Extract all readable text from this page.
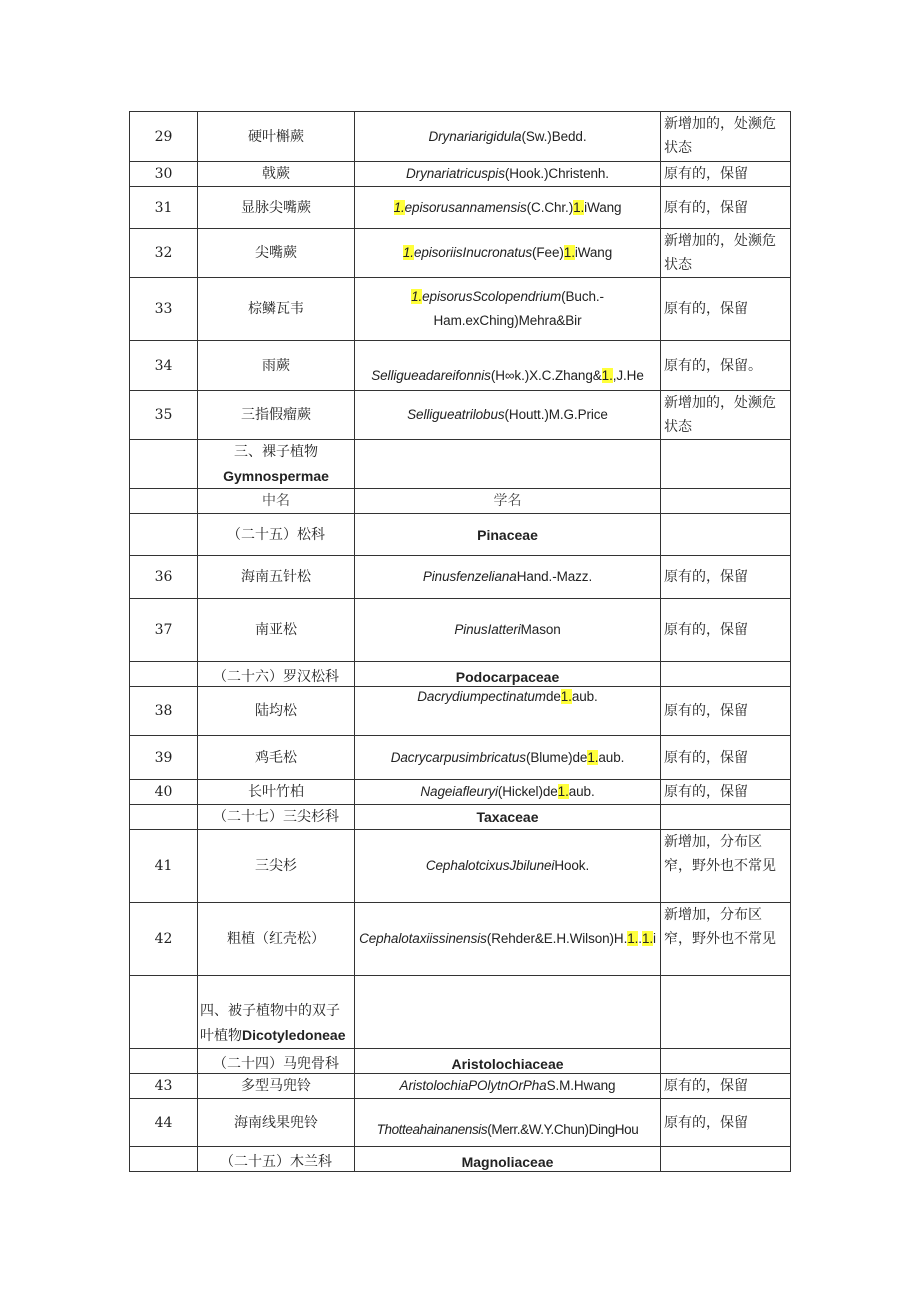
29	硬叶槲蕨	Drynariarigidula(Sw.)Bedd.	新增加的，处濒危状态
30	戟蕨	Drynariatricuspis(Hook.)Christenh.	原有的，保留
31	显脉尖嘴蕨	1.episorusannamensis(C.Chr.)1.iWang	原有的，保留
32	尖嘴蕨	1.episoriisInucronatus(Fee)1.iWang	新增加的，处濒危状态
33	棕鳞瓦韦	1.episorusScolopendrium(Buch.-Ham.exChing)Mehra&Bir	原有的，保留
34	雨蕨	Selligueadareifonnis(H∞k.)X.C.Zhang&1.,J.He	原有的，保留。
35	三指假瘤蕨	Selligueatrilobus(Houtt.)M.G.Price	新增加的，处濒危状态

	三、裸子植物
Gymnospermae		

	中名	学名	
	（二十五）松科	Pinaceae	
36	海南五针松	PinusfenzelianaHand.-Mazz.	原有的，保留
37	南亚松	PinusIatteriMason	原有的，保留
	（二十六）罗汉松科	Podocarpaceae	
38	陆均松	Dacrydiumpectinatumde1.aub.	原有的，保留
39	鸡毛松	Dacrycarpusimbricatus(Blume)de1.aub.	原有的，保留
40	长叶竹柏	Nageiafleuryi(Hickel)de1.aub.	原有的，保留
	（二十七）三尖杉科	Taxaceae	
41	三尖杉	CephalotcixusJbiluneiHook.	新增加，分布区窄，野外也不常见
42	粗植（红壳松）	Cephalotaxiissinensis(Rehder&E.H.Wilson)H.1..1.i	新增加，分布区窄，野外也不常见
	四、被子植物中的双子叶植物Dicotyledoneae		
	（二十四）马兜骨科	Aristolochiaceae	
43	多型马兜铃	AristolochiaPOlytnOrPhaS.M.Hwang	原有的，保留
44	海南线果兜铃	Thotteahainanensis(Merr.&W.Y.Chun)DingHou	原有的，保留
	（二十五）木兰科	Magnoliaceae	
